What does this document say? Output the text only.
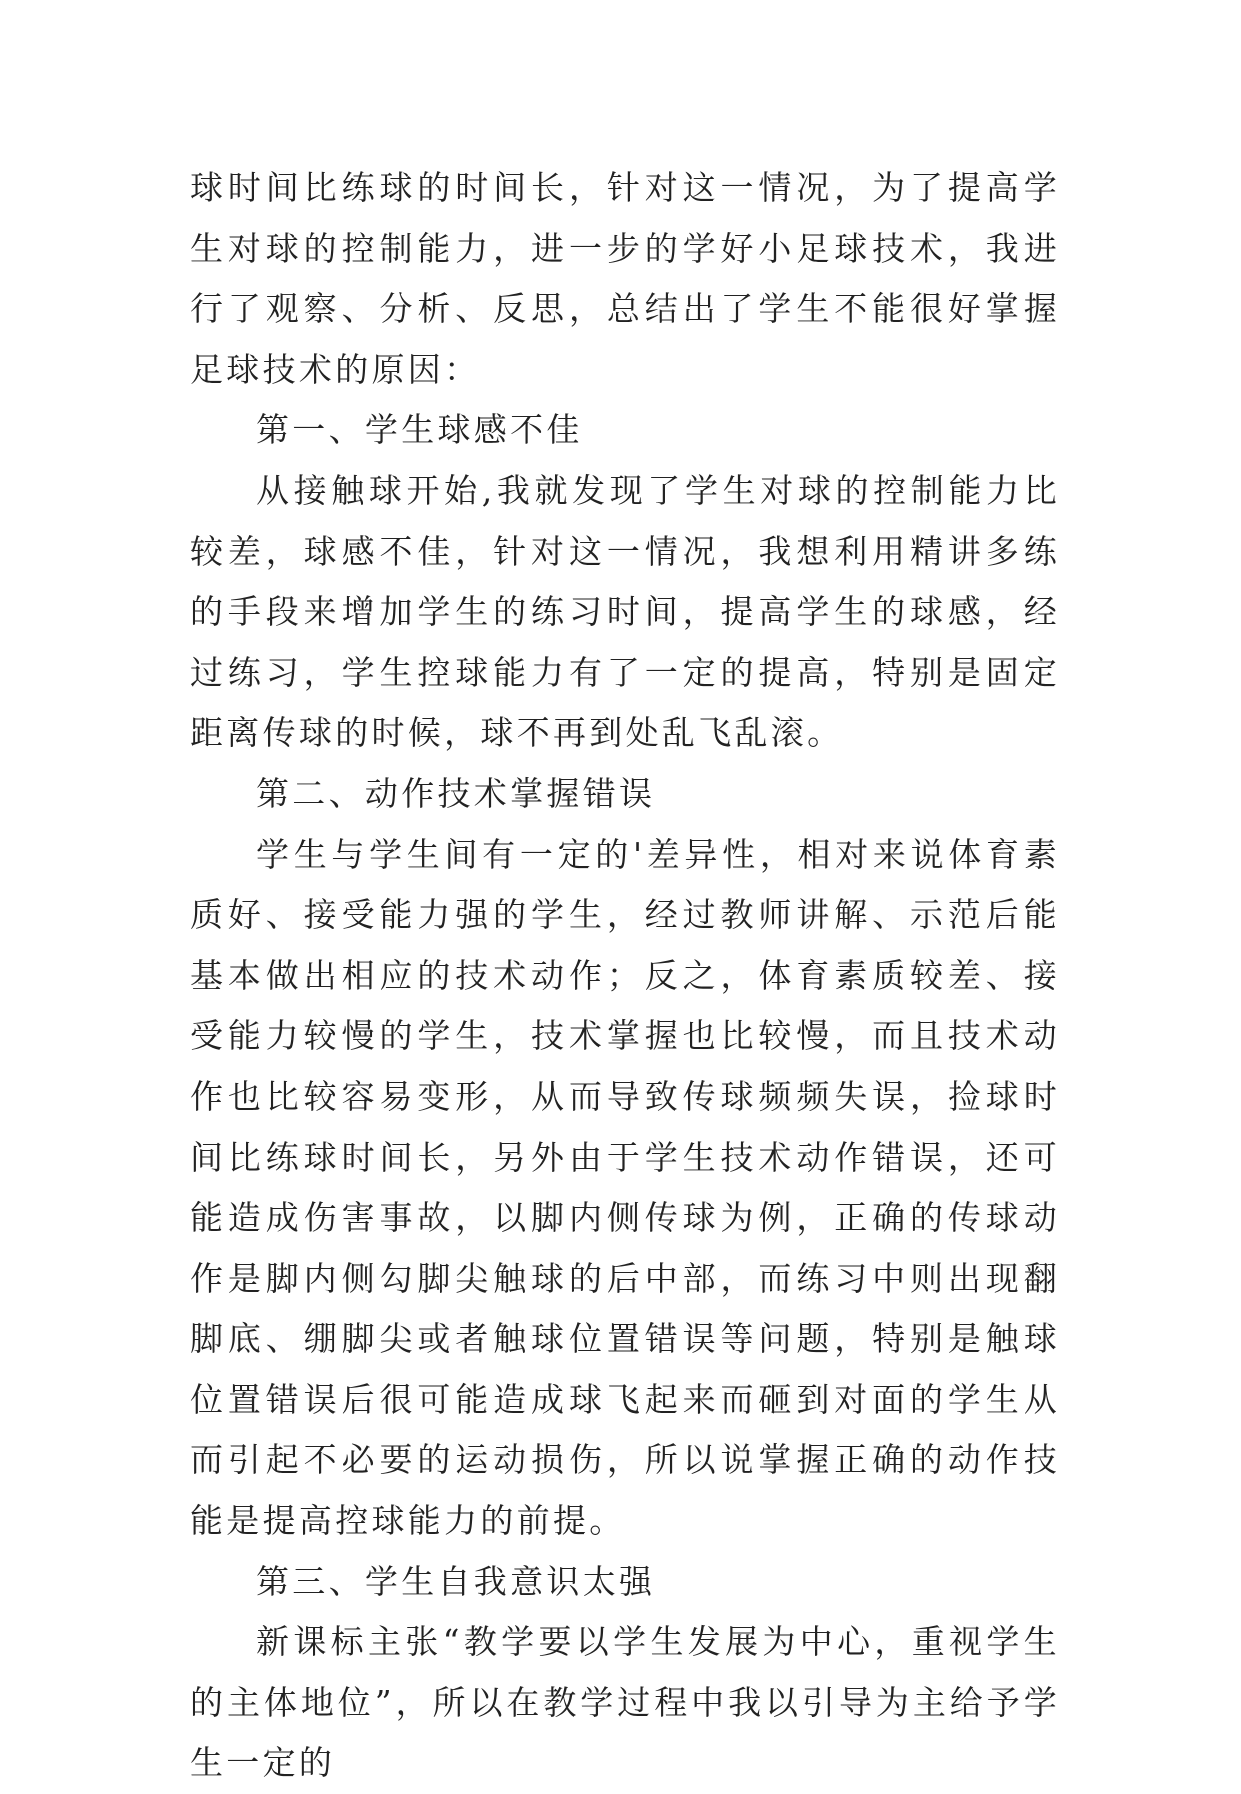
球时间比练球的时间长，针对这一情况，为了提高学生对球的控制能力，进一步的学好小足球技术，我进行了观察、分析、反思，总结出了学生不能很好掌握足球技术的原因：

第一、学生球感不佳

从接触球开始,我就发现了学生对球的控制能力比较差，球感不佳，针对这一情况，我想利用精讲多练的手段来增加学生的练习时间，提高学生的球感，经过练习，学生控球能力有了一定的提高，特别是固定距离传球的时候，球不再到处乱飞乱滚。

第二、动作技术掌握错误

学生与学生间有一定的'差异性，相对来说体育素质好、接受能力强的学生，经过教师讲解、示范后能基本做出相应的技术动作；反之，体育素质较差、接受能力较慢的学生，技术掌握也比较慢，而且技术动作也比较容易变形，从而导致传球频频失误，捡球时间比练球时间长，另外由于学生技术动作错误，还可能造成伤害事故，以脚内侧传球为例，正确的传球动作是脚内侧勾脚尖触球的后中部，而练习中则出现翻脚底、绷脚尖或者触球位置错误等问题，特别是触球位置错误后很可能造成球飞起来而砸到对面的学生从而引起不必要的运动损伤，所以说掌握正确的动作技能是提高控球能力的前提。

第三、学生自我意识太强

新课标主张“教学要以学生发展为中心，重视学生的主体地位”，所以在教学过程中我以引导为主给予学生一定的
